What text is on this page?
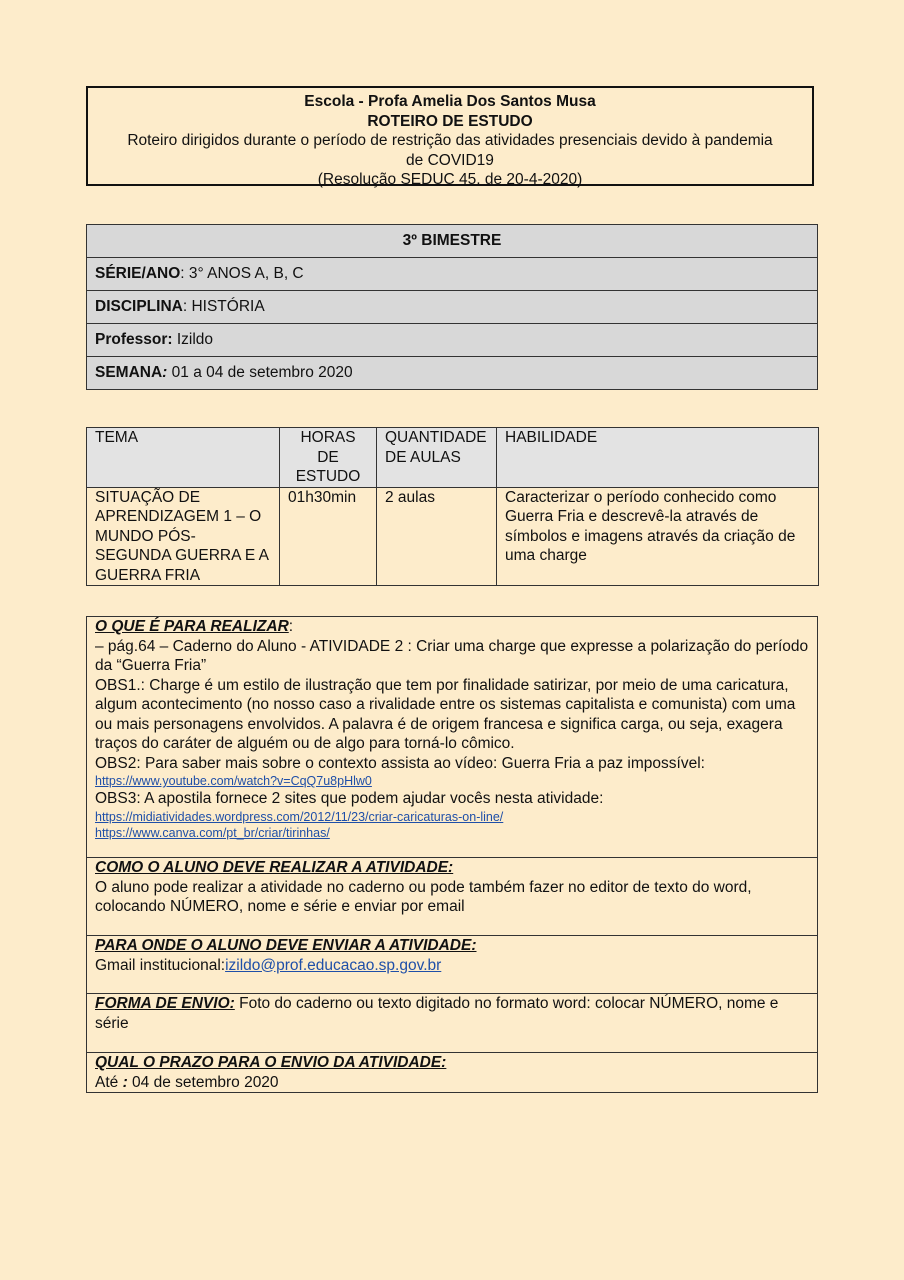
Escola - Profa Amelia Dos Santos Musa
ROTEIRO DE ESTUDO
Roteiro dirigidos durante o período de restrição das atividades presenciais devido à pandemia
de COVID19
(Resolução SEDUC 45, de 20-4-2020)
3º BIMESTRE
SÉRIE/ANO: 3° ANOS A, B, C
DISCIPLINA: HISTÓRIA
Professor: Izildo
SEMANA: 01 a 04 de setembro 2020
TEMA	HORAS DE ESTUDO	QUANTIDADE DE AULAS	HABILIDADE
SITUAÇÃO DE APRENDIZAGEM 1 – O MUNDO PÓS-SEGUNDA GUERRA E A GUERRA FRIA	01h30min	2 aulas	Caracterizar o período conhecido como Guerra Fria e descrevê-la através de símbolos e imagens através da criação de uma charge
O QUE É PARA REALIZAR:
– pág.64 – Caderno do Aluno - ATIVIDADE 2 : Criar uma charge que expresse a polarização do período da “Guerra Fria”
OBS1.: Charge é um estilo de ilustração que tem por finalidade satirizar, por meio de uma caricatura, algum acontecimento (no nosso caso a rivalidade entre os sistemas capitalista e comunista) com uma ou mais personagens envolvidos. A palavra é de origem francesa e significa carga, ou seja, exagera traços do caráter de alguém ou de algo para torná-lo cômico.
OBS2: Para saber mais sobre o contexto assista ao vídeo: Guerra Fria a paz impossível:
https://www.youtube.com/watch?v=CqQ7u8pHlw0
OBS3: A apostila fornece 2 sites que podem ajudar vocês nesta atividade:
https://midiatividades.wordpress.com/2012/11/23/criar-caricaturas-on-line/
https://www.canva.com/pt_br/criar/tirinhas/

COMO O ALUNO DEVE REALIZAR A ATIVIDADE:
O aluno pode realizar a atividade no caderno ou pode também fazer no editor de texto do word, colocando NÚMERO, nome e série e enviar por email

PARA ONDE O ALUNO DEVE ENVIAR A ATIVIDADE:
Gmail institucional:izildo@prof.educacao.sp.gov.br

FORMA DE ENVIO: Foto do caderno ou texto digitado no formato word: colocar NÚMERO, nome e série

QUAL O PRAZO PARA O ENVIO DA ATIVIDADE:
Até : 04 de setembro 2020
